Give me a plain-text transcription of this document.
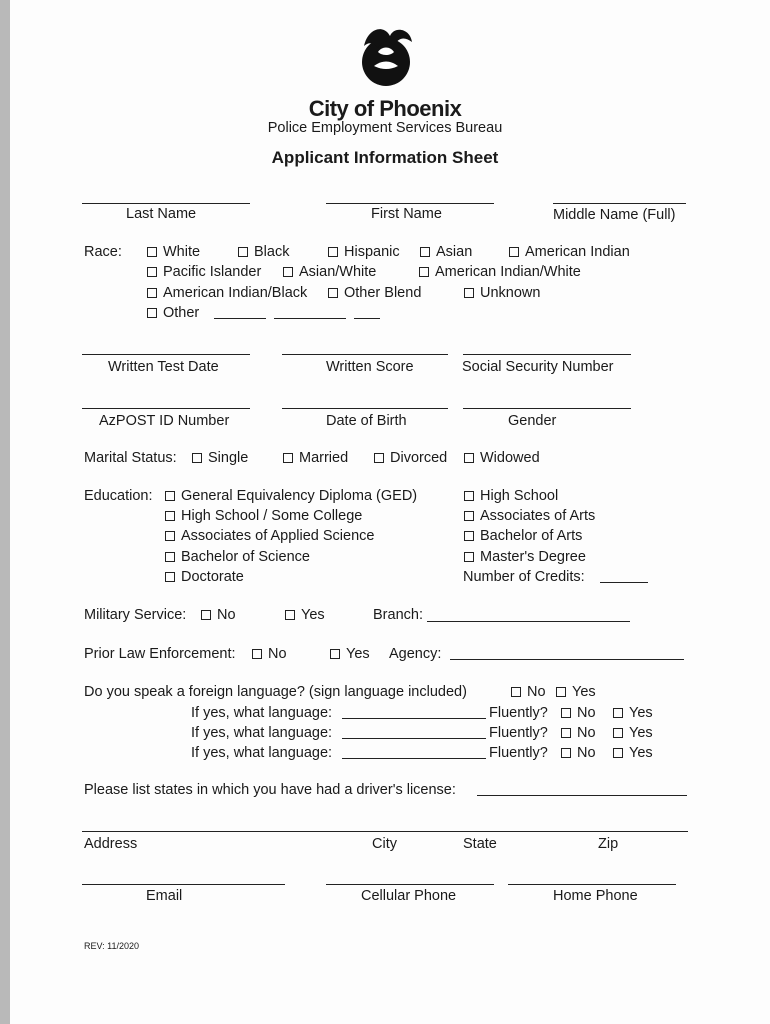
City of Phoenix
Police Employment Services Bureau
Applicant Information Sheet
Last Name	First Name	Middle Name (Full)
Race:	White	Black	Hispanic	Asian	American Indian
Pacific Islander	Asian/White	American Indian/White
American Indian/Black	Other Blend	Unknown
Other
Written Test Date	Written Score	Social Security Number
AzPOST ID Number	Date of Birth	Gender
Marital Status:	Single	Married	Divorced	Widowed
Education:	General Equivalency Diploma (GED)	High School
High School / Some College	Associates of Arts
Associates of Applied Science	Bachelor of Arts
Bachelor of Science	Master's Degree
Doctorate	Number of Credits:
Military Service:	No	Yes	Branch:
Prior Law Enforcement:	No	Yes Agency:
Do you speak a foreign language? (sign language included)	No	Yes
If yes, what language:	Fluently?	No	Yes
If yes, what language:	Fluently?	No	Yes
If yes, what language:	Fluently?	No	Yes
Please list states in which you have had a driver's license:
Address	City	State	Zip
Email	Cellular Phone	Home Phone
REV: 11/2020
